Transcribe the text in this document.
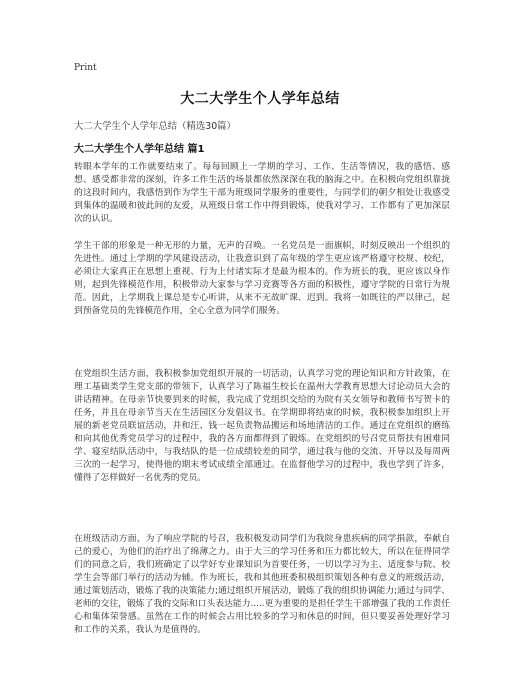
Print
大二大学生个人学年总结
大二大学生个人学年总结（精选30篇）
大二大学生个人学年总结 篇1
转眼本学年的工作就要结束了。每每回顾上一学期的学习、工作、生活等情况，我的感悟、感想、感受都非常的深刻，许多工作生活的场景都依然深深在我的脑海之中。在积极向党组织靠拢的这段时间内，我感悟到作为学生干部为班级同学服务的重要性，与同学们的朝夕相处让我感受到集体的温暖和彼此间的友爱，从班级日常工作中得到锻炼，使我对学习、工作都有了更加深层次的认识。
学生干部的形象是一种无形的力量，无声的召唤。一名党员是一面旗帜，时刻反映出一个组织的先进性。通过上学期的学风建设活动，让我意识到了高年级的学生更应该严格遵守校规、校纪，必须让大家真正在思想上重视、行为上付诸实际才是最为根本的。作为班长的我，更应该以身作则，起到先锋模范作用，积极带动大家参与学习竞赛等各方面的积极性，遵守学院的日常行为规范。因此，上学期我上课总是专心听讲，从来不无故旷课、迟到。我将一如既往的严以律己，起到预备党员的先锋模范作用，全心全意为同学们服务。
在党组织生活方面，我积极参加党组织开展的一切活动，认真学习党的理论知识和方针政策，在理工基础类学生党支部的带领下，认真学习了陈福生校长在温州大学教育思想大讨论动员大会的讲话精神。在母亲节快要到来的时候，我完成了党组织交给的为院有关女领导和教师书写贺卡的任务，并且在母亲节当天在生活园区分发倡议书。在学期即将结束的时候，我积极参加组织上开展的新老党员联谊活动，并和汪、钱一起负责物品搬运和场地清洁的工作。通过在党组织的磨练和向其他优秀党员学习的过程中，我的各方面都得到了锻炼。在党组织的号召党员帮扶有困难同学、寝室结队活动中，与我结队的是一位成绩较差的同学，通过我与他的交流、开导以及每周两三次的一起学习，使得他的期末考试成绩全部通过。在监督他学习的过程中，我也学到了许多，懂得了怎样做好一名优秀的党员。
在班级活动方面，为了响应学院的号召，我积极发动同学们为我院身患疾病的同学捐款，奉献自己的爱心，为他们的治疗出了绵薄之力。由于大三的学习任务和压力都比较大，所以在征得同学们的同意之后，我们班确定了以学好专业课知识为首要任务，一切以学习为主、适度参与院、校学生会等部门举行的活动为辅。作为班长，我和其他班委积极组织策划各种有意义的班级活动，通过策划活动，锻炼了我的决策能力;通过组织开展活动，锻炼了我的组织协调能力;通过与同学、老师的交往，锻炼了我的交际和口头表达能力.....更为重要的是担任学生干部增强了我的工作责任心和集体荣誉感。虽然在工作的时候会占用比较多的学习和休息的时间，但只要妥善处理好学习和工作的关系，我认为是值得的。
